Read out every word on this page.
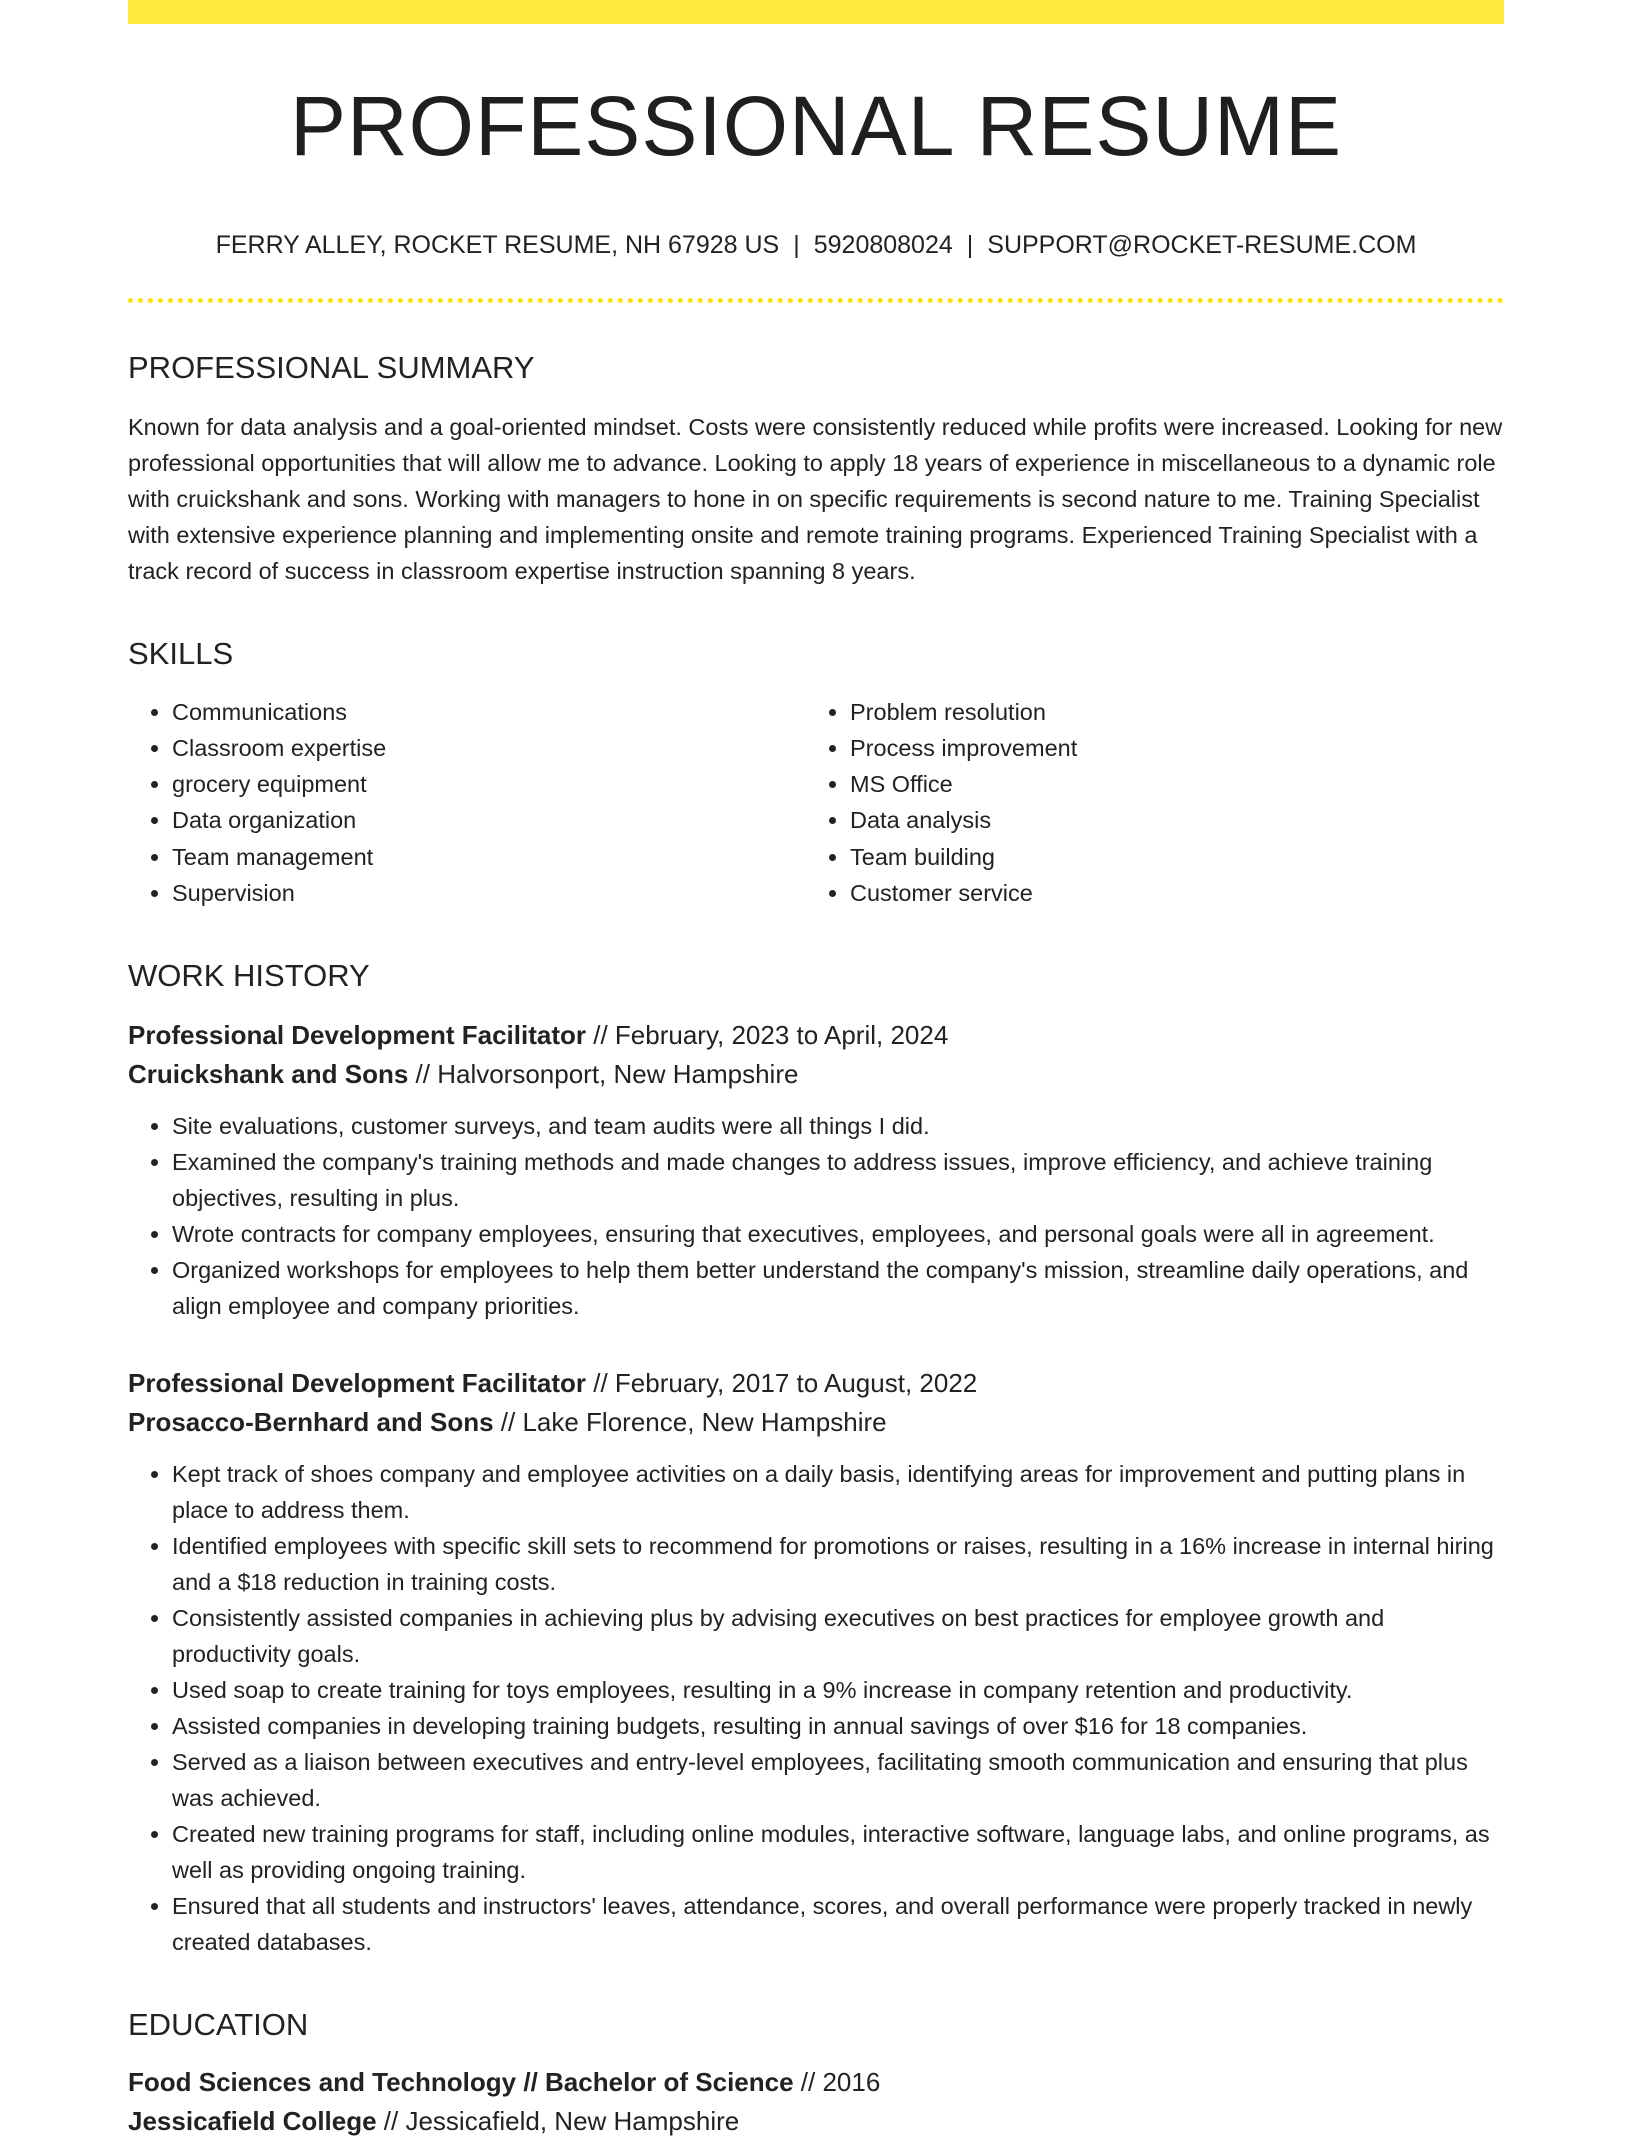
PROFESSIONAL RESUME
FERRY ALLEY, ROCKET RESUME, NH 67928 US | 5920808024 | SUPPORT@ROCKET-RESUME.COM
PROFESSIONAL SUMMARY
Known for data analysis and a goal-oriented mindset. Costs were consistently reduced while profits were increased. Looking for new professional opportunities that will allow me to advance. Looking to apply 18 years of experience in miscellaneous to a dynamic role with cruickshank and sons. Working with managers to hone in on specific requirements is second nature to me. Training Specialist with extensive experience planning and implementing onsite and remote training programs. Experienced Training Specialist with a track record of success in classroom expertise instruction spanning 8 years.
SKILLS
• Communications
• Classroom expertise
• grocery equipment
• Data organization
• Team management
• Supervision
• Problem resolution
• Process improvement
• MS Office
• Data analysis
• Team building
• Customer service
WORK HISTORY
Professional Development Facilitator // February, 2023 to April, 2024
Cruickshank and Sons // Halvorsonport, New Hampshire
• Site evaluations, customer surveys, and team audits were all things I did.
• Examined the company's training methods and made changes to address issues, improve efficiency, and achieve training objectives, resulting in plus.
• Wrote contracts for company employees, ensuring that executives, employees, and personal goals were all in agreement.
• Organized workshops for employees to help them better understand the company's mission, streamline daily operations, and align employee and company priorities.
Professional Development Facilitator // February, 2017 to August, 2022
Prosacco-Bernhard and Sons // Lake Florence, New Hampshire
• Kept track of shoes company and employee activities on a daily basis, identifying areas for improvement and putting plans in place to address them.
• Identified employees with specific skill sets to recommend for promotions or raises, resulting in a 16% increase in internal hiring and a $18 reduction in training costs.
• Consistently assisted companies in achieving plus by advising executives on best practices for employee growth and productivity goals.
• Used soap to create training for toys employees, resulting in a 9% increase in company retention and productivity.
• Assisted companies in developing training budgets, resulting in annual savings of over $16 for 18 companies.
• Served as a liaison between executives and entry-level employees, facilitating smooth communication and ensuring that plus was achieved.
• Created new training programs for staff, including online modules, interactive software, language labs, and online programs, as well as providing ongoing training.
• Ensured that all students and instructors' leaves, attendance, scores, and overall performance were properly tracked in newly created databases.
EDUCATION
Food Sciences and Technology // Bachelor of Science // 2016
Jessicafield College // Jessicafield, New Hampshire
